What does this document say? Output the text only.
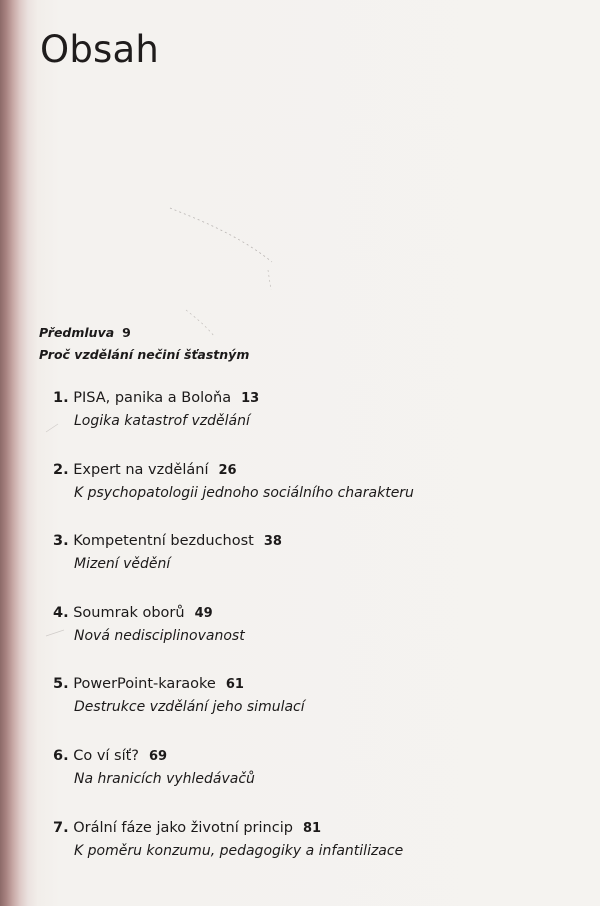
Obsah
Předmluva 9
Proč vzdělání nečiní šťastným
1. PISA, panika a Boloňa 13
Logika katastrof vzdělání
2. Expert na vzdělání 26
K psychopatologii jednoho sociálního charakteru
3. Kompetentní bezduchost 38
Mizení vědění
4. Soumrak oborů 49
Nová nedisciplinovanost
5. PowerPoint-karaoke 61
Destrukce vzdělání jeho simulací
6. Co ví síť? 69
Na hranicích vyhledávačů
7. Orální fáze jako životní princip 81
K poměru konzumu, pedagogiky a infantilizace
